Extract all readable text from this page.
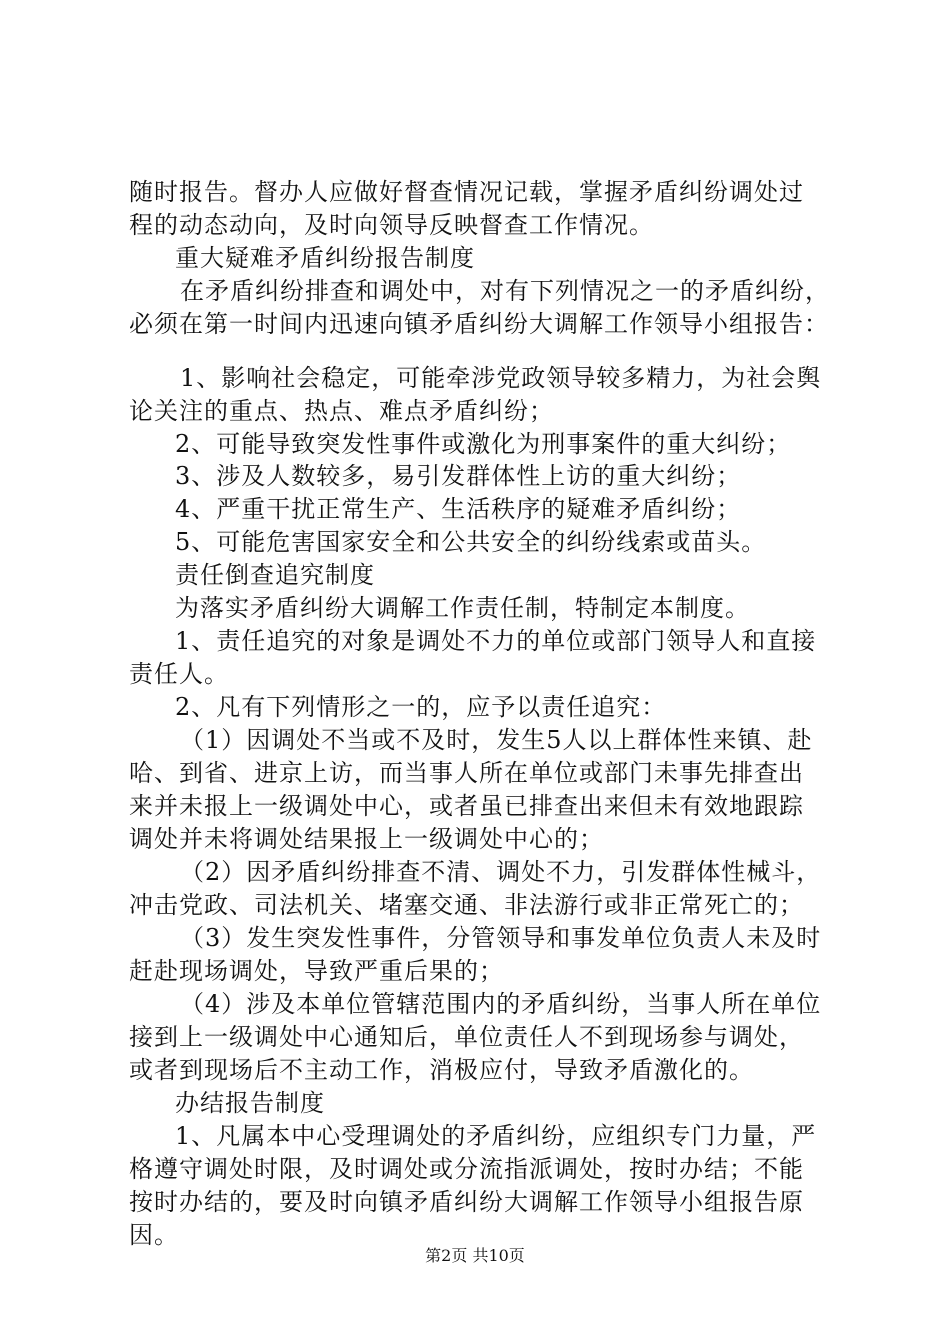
随时报告。督办人应做好督查情况记载，掌握矛盾纠纷调处过
程的动态动向，及时向领导反映督查工作情况。
重大疑难矛盾纠纷报告制度
在矛盾纠纷排查和调处中，对有下列情况之一的矛盾纠纷，
必须在第一时间内迅速向镇矛盾纠纷大调解工作领导小组报告：
1、影响社会稳定，可能牵涉党政领导较多精力，为社会舆
论关注的重点、热点、难点矛盾纠纷；
2、可能导致突发性事件或激化为刑事案件的重大纠纷；
3、涉及人数较多，易引发群体性上访的重大纠纷；
4、严重干扰正常生产、生活秩序的疑难矛盾纠纷；
5、可能危害国家安全和公共安全的纠纷线索或苗头。
责任倒查追究制度
为落实矛盾纠纷大调解工作责任制，特制定本制度。
1、责任追究的对象是调处不力的单位或部门领导人和直接
责任人。
2、凡有下列情形之一的，应予以责任追究：
（1）因调处不当或不及时，发生5人以上群体性来镇、赴
哈、到省、进京上访，而当事人所在单位或部门未事先排查出
来并未报上一级调处中心，或者虽已排查出来但未有效地跟踪
调处并未将调处结果报上一级调处中心的；
（2）因矛盾纠纷排查不清、调处不力，引发群体性械斗，
冲击党政、司法机关、堵塞交通、非法游行或非正常死亡的；
（3）发生突发性事件，分管领导和事发单位负责人未及时
赶赴现场调处，导致严重后果的；
（4）涉及本单位管辖范围内的矛盾纠纷，当事人所在单位
接到上一级调处中心通知后，单位责任人不到现场参与调处，
或者到现场后不主动工作，消极应付，导致矛盾激化的。
办结报告制度
1、凡属本中心受理调处的矛盾纠纷，应组织专门力量，严
格遵守调处时限，及时调处或分流指派调处，按时办结；不能
按时办结的，要及时向镇矛盾纠纷大调解工作领导小组报告原
因。
第2页 共10页
